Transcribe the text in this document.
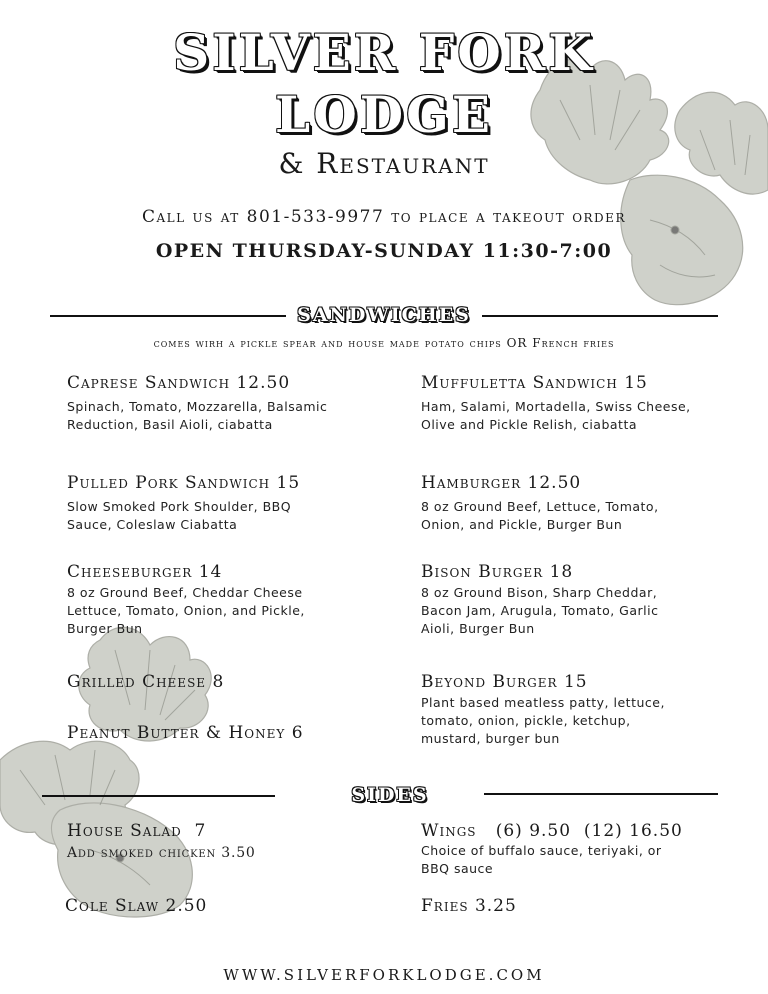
SILVER FORK
LODGE
& Restaurant
Call us at 801-533-9977 to place a takeout order
OPEN THURSDAY-SUNDAY 11:30-7:00
SANDWICHES
comes wirh a pickle spear and house made potato chips OR French fries
Caprese Sandwich 12.50
Spinach, Tomato, Mozzarella, Balsamic Reduction, Basil Aioli, ciabatta
Muffuletta Sandwich 15
Ham, Salami, Mortadella, Swiss Cheese, Olive and Pickle Relish, ciabatta
Pulled Pork Sandwich 15
Slow Smoked Pork Shoulder, BBQ Sauce, Coleslaw Ciabatta
Hamburger 12.50
8 oz Ground Beef, Lettuce, Tomato, Onion, and Pickle, Burger Bun
Cheeseburger 14
8 oz Ground Beef, Cheddar Cheese Lettuce, Tomato, Onion, and Pickle, Burger Bun
Bison Burger 18
8 oz Ground Bison, Sharp Cheddar, Bacon Jam, Arugula, Tomato, Garlic Aioli, Burger Bun
Grilled Cheese 8	Beyond Burger 15
Plant based meatless patty, lettuce, tomato, onion, pickle, ketchup, mustard, burger bun
Peanut Butter & Honey 6
SIDES
House Salad  7
Add smoked chicken 3.50
Wings   (6) 9.50  (12) 16.50
Choice of buffalo sauce, teriyaki, or BBQ sauce
Cole Slaw 2.50	Fries 3.25
WWW.SILVERFORKLODGE.COM
